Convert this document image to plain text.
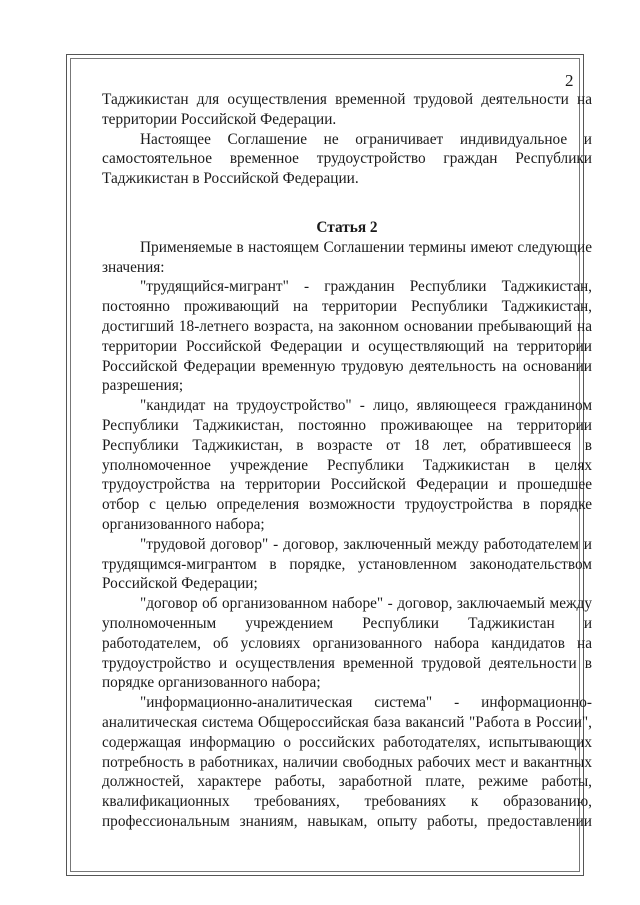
2

Таджикистан для осуществления временной трудовой деятельности на территории Российской Федерации.

Настоящее Соглашение не ограничивает индивидуальное и самостоятельное временное трудоустройство граждан Республики Таджикистан в Российской Федерации.

Статья 2

Применяемые в настоящем Соглашении термины имеют следующие значения:

"трудящийся-мигрант" - гражданин Республики Таджикистан, постоянно проживающий на территории Республики Таджикистан, достигший 18-летнего возраста, на законном основании пребывающий на территории Российской Федерации и осуществляющий на территории Российской Федерации временную трудовую деятельность на основании разрешения;

"кандидат на трудоустройство" - лицо, являющееся гражданином Республики Таджикистан, постоянно проживающее на территории Республики Таджикистан, в возрасте от 18 лет, обратившееся в уполномоченное учреждение Республики Таджикистан в целях трудоустройства на территории Российской Федерации и прошедшее отбор с целью определения возможности трудоустройства в порядке организованного набора;

"трудовой договор" - договор, заключенный между работодателем и трудящимся-мигрантом в порядке, установленном законодательством Российской Федерации;

"договор об организованном наборе" - договор, заключаемый между уполномоченным учреждением Республики Таджикистан и работодателем, об условиях организованного набора кандидатов на трудоустройство и осуществления временной трудовой деятельности в порядке организованного набора;

"информационно-аналитическая система" - информационно-аналитическая система Общероссийская база вакансий "Работа в России", содержащая информацию о российских работодателях, испытывающих потребность в работниках, наличии свободных рабочих мест и вакантных должностей, характере работы, заработной плате, режиме работы, квалификационных требованиях, требованиях к образованию, профессиональным знаниям, навыкам, опыту работы, предоставлении
